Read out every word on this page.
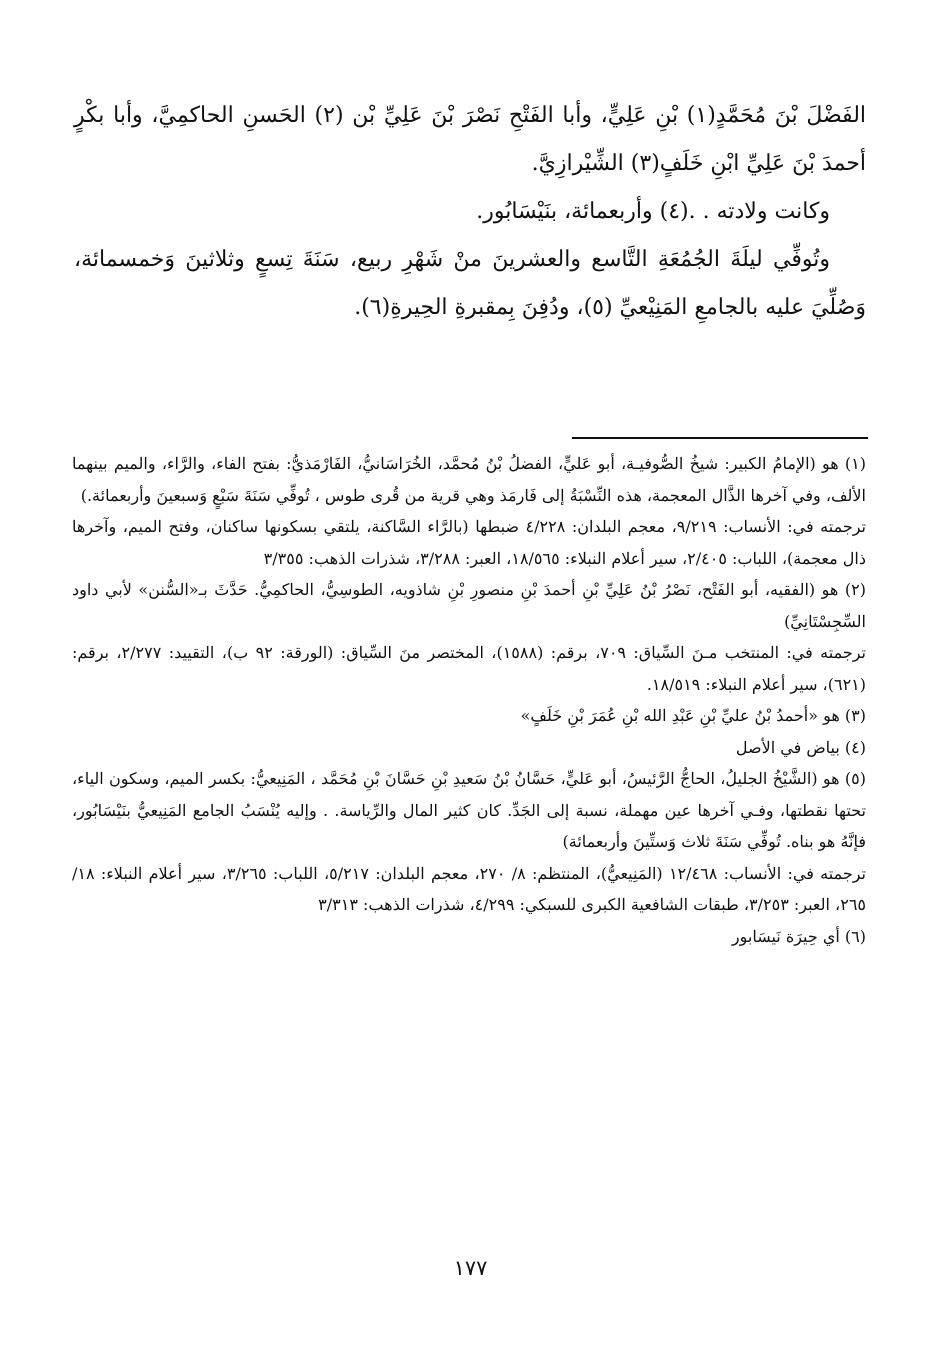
الفَضْلَ بْنَ مُحَمَّدٍ(١) بْنِ عَلِيٍّ، وأبا الفَتْحِ نَصْرَ بْنَ عَلِيِّ بْن (٢) الحَسنِ الحاكمِيَّ، وأبا بكْرٍ أحمدَ بْنَ عَلِيِّ ابْنِ خَلَفٍ(٣) الشِّيْرازِيَّ.

وكانت ولادته . .(٤) وأربعمائة، بنَيْسَابُور.

وتُوفِّي ليلَةَ الجُمُعَةِ التَّاسع والعشرينَ منْ شَهْرِ ربيع، سَنَةَ تِسعٍ وثلاثينَ وَخمسمائة، وَصُلِّيَ عليه بالجامعِ المَنِيْعيِّ (٥)، ودُفِنَ بِمقبرةِ الحِيرةِ(٦).

(١) هو (الإمامُ الكبير: شيخُ الصُّوفيـة، أبو عَليٍّ، الفضلُ بْنُ مُحمَّد، الخُرَاسَانيُّ، الفَارْمَذيُّ: بفتح الفاء، والرَّاء، والميم بينهما الألف، وفي آخرها الذَّال المعجمة، هذه النِّسْبَةُ إلى فَارمَذ وهي قرية من قُرى طوس ، تُوفِّي سَنَةَ سَبْعٍ وَسبعينَ وأربعمائة.)

ترجمته في: الأنساب: ٩/٢١٩، معجم البلدان: ٤/٢٢٨ ضبطها (بالرَّاء السَّاكنة، يلتقي بسكونها ساكنان، وفتح الميم، وآخرها ذال معجمة)، اللباب: ٢/٤٠٥، سير أعلام النبلاء: ١٨/٥٦٥، العبر: ٣/٢٨٨، شذرات الذهب: ٣/٣٥٥

(٢) هو (الفقيه، أبو الفَتْح، نَصْرُ بْنُ عَلِيِّ بْنِ أحمدَ بْنِ منصورِ بْنِ شاذويه، الطوسِيُّ، الحاكمِيُّ. حَدَّثَ بـ«السُّنن» لأبي داود السِّجِسْتَانِيِّ)

ترجمته في: المنتخب مـنَ السِّياق: ٧٠٩، برقم: (١٥٨٨)، المختصر منَ السِّياق: (الورقة: ٩٢ ب)، التقييد: ٢/٢٧٧، برقم: (٦٢١)، سير أعلام النبلاء: ١٨/٥١٩.

(٣) هو «أحمدُ بْنُ عليِّ بْنِ عَبْدِ الله بْنِ عُمَرَ بْنِ خَلَفٍ»

(٤) بياض في الأصل

(٥) هو (الشَّيْخُ الجليلُ، الحاجُّ الرَّئيسُ، أبو عَليٍّ، حَسَّانُ بْنُ سَعيدِ بْنِ حَسَّانَ بْنِ مُحَمَّد ، المَنِيعيُّ: بكسر الميم، وسكون الياء، تحتها نقطتها، وفـي آخرها عين مهملة، نسبة إلى الجَدِّ. كان كثير المال والرِّياسة. . وإليه يُنْسَبُ الجامع المَنِيعيُّ بنَيْسَابُور، فإنَّهُ هو بناه. تُوفِّي سَنَةَ ثلاث وَستِّينَ وأربعمائة)

ترجمته في: الأنساب: ١٢/٤٦٨ (المَنِيعيُّ)، المنتظم: ٨/ ٢٧٠، معجم البلدان: ٥/٢١٧، اللباب: ٣/٢٦٥، سير أعلام النبلاء: ١٨/ ٢٦٥، العبر: ٣/٢٥٣، طبقات الشافعية الكبرى للسبكي: ٤/٢٩٩، شذرات الذهب: ٣/٣١٣

(٦) أي حِيرَة نَيسَابور

١٧٧
